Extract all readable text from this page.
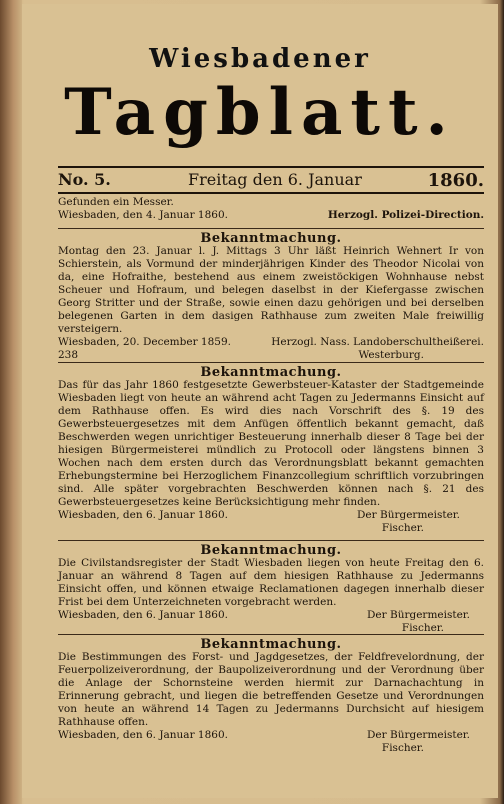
Wiesbadener
Tagblatt.
No. 5.	Freitag den 6. Januar	1860.
Gefunden ein Messer.
Wiesbaden, den 4. Januar 1860.	Herzogl. Polizei-Direction.
Bekanntmachung.
Montag den 23. Januar l. J. Mittags 3 Uhr läßt Heinrich Wehnert Ir von Schierstein, als Vormund der minderjährigen Kinder des Theodor Nicolai von da, eine Hofraithe, bestehend aus einem zweistöckigen Wohnhause nebst Scheuer und Hofraum, und belegen daselbst in der Kiefergasse zwischen Georg Stritter und der Straße, sowie einen dazu gehörigen und bei derselben belegenen Garten in dem dasigen Rathhause zum zweiten Male freiwillig versteigern.
Wiesbaden, 20. December 1859.	Herzogl. Nass. Landoberschultheißerei.
238	Westerburg.
Bekanntmachung.
Das für das Jahr 1860 festgesetzte Gewerbsteuer-Kataster der Stadtgemeinde Wiesbaden liegt von heute an während acht Tagen zu Jedermanns Einsicht auf dem Rathhause offen. Es wird dies nach Vorschrift des §. 19 des Gewerbsteuergesetzes mit dem Anfügen öffentlich bekannt gemacht, daß Beschwerden wegen unrichtiger Besteuerung innerhalb dieser 8 Tage bei der hiesigen Bürgermeisterei mündlich zu Protocoll oder längstens binnen 3 Wochen nach dem ersten durch das Verordnungsblatt bekannt gemachten Erhebungstermine bei Herzoglichem Finanzcollegium schriftlich vorzubringen sind. Alle später vorgebrachten Beschwerden können nach §. 21 des Gewerbsteuergesetzes keine Berücksichtigung mehr finden.
Wiesbaden, den 6. Januar 1860.	Der Bürgermeister.
Fischer.
Bekanntmachung.
Die Civilstandsregister der Stadt Wiesbaden liegen von heute Freitag den 6. Januar an während 8 Tagen auf dem hiesigen Rathhause zu Jedermanns Einsicht offen, und können etwaige Reclamationen dagegen innerhalb dieser Frist bei dem Unterzeichneten vorgebracht werden.
Wiesbaden, den 6. Januar 1860.	Der Bürgermeister.
Fischer.
Bekanntmachung.
Die Bestimmungen des Forst- und Jagdgesetzes, der Feldfrevelordnung, der Feuerpolizeiverordnung, der Baupolizeiverordnung und der Verordnung über die Anlage der Schornsteine werden hiermit zur Darnachachtung in Erinnerung gebracht, und liegen die betreffenden Gesetze und Verordnungen von heute an während 14 Tagen zu Jedermanns Durchsicht auf hiesigem Rathhause offen.
Wiesbaden, den 6. Januar 1860.	Der Bürgermeister.
Fischer.
